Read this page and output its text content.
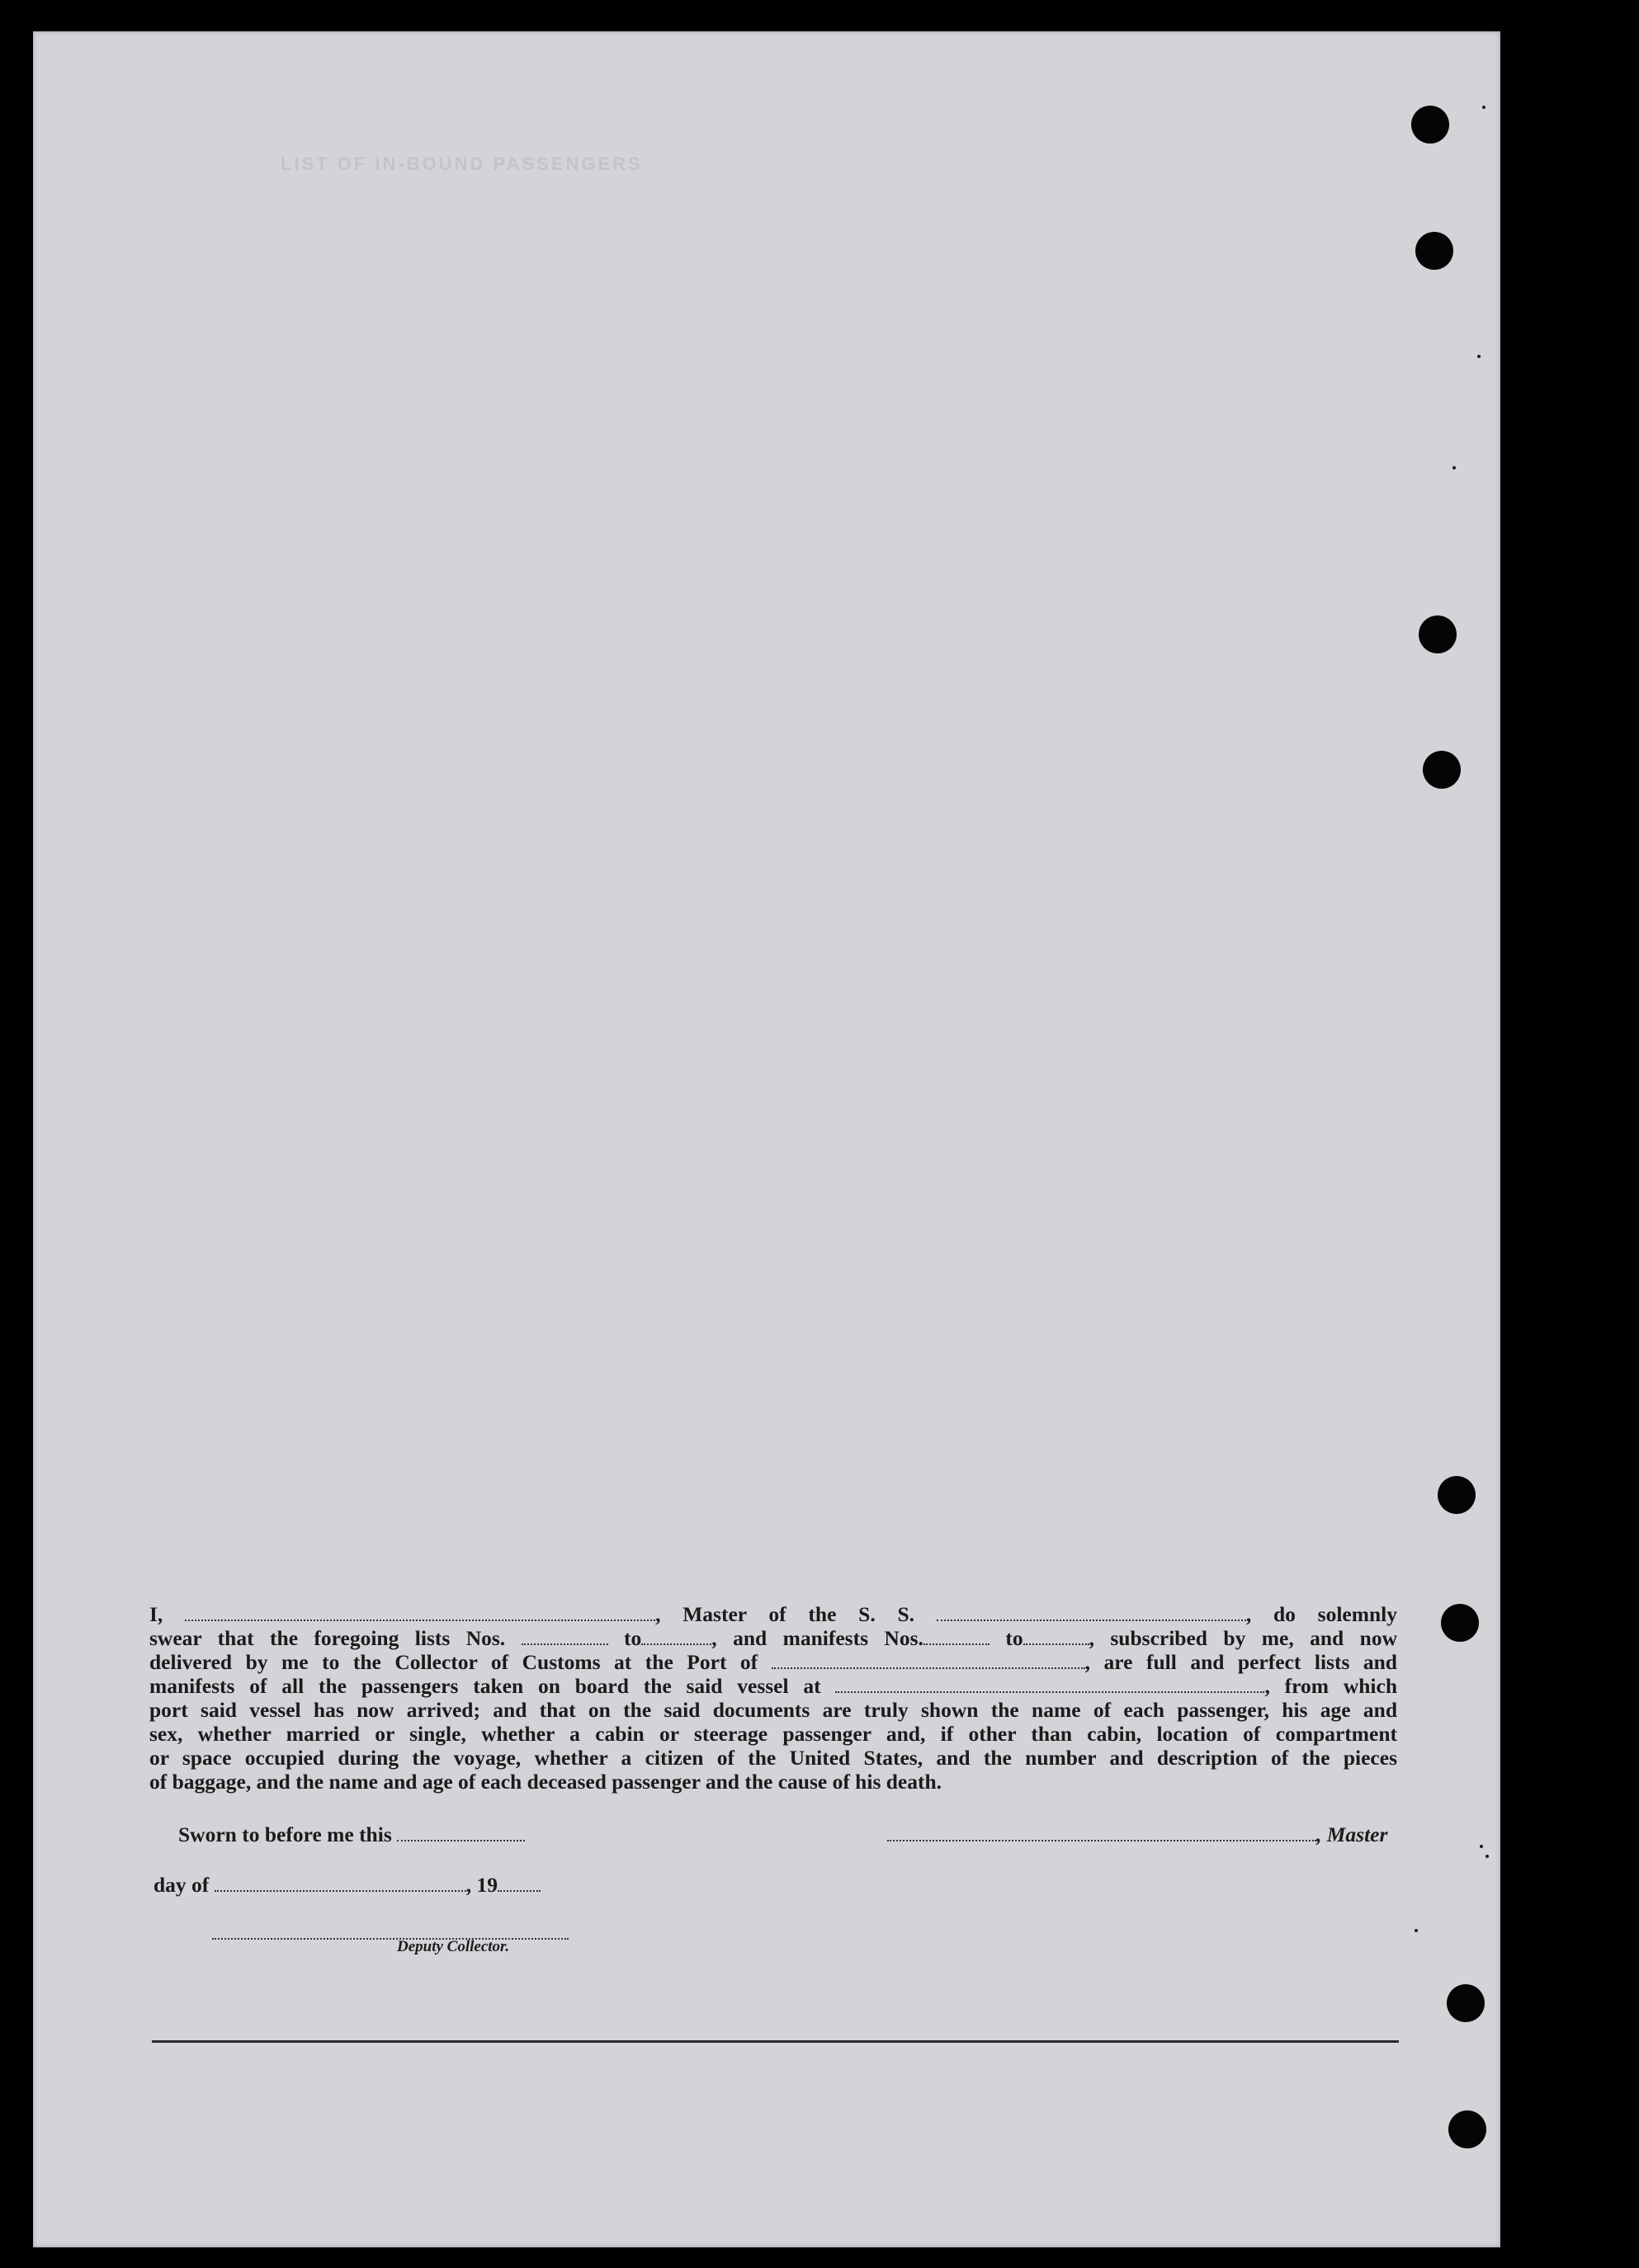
LIST OF IN-BOUND PASSENGERS
I,	, Master of the S. S.	, do solemnly
swear that the foregoing lists Nos.	to	, and manifests Nos.	to	, subscribed by me, and now
delivered by me to the Collector of Customs at the Port of	, are full and perfect lists and
manifests of all the passengers taken on board the said vessel at	, from which
port said vessel has now arrived; and that on the said documents are truly shown the name of each passenger, his age and
sex, whether married or single, whether a cabin or steerage passenger and, if other than cabin, location of compartment
or space occupied during the voyage, whether a citizen of the United States, and the number and description of the pieces
of baggage, and the name and age of each deceased passenger and the cause of his death.
Sworn to before me this	, Master
day of	, 19
Deputy Collector.
